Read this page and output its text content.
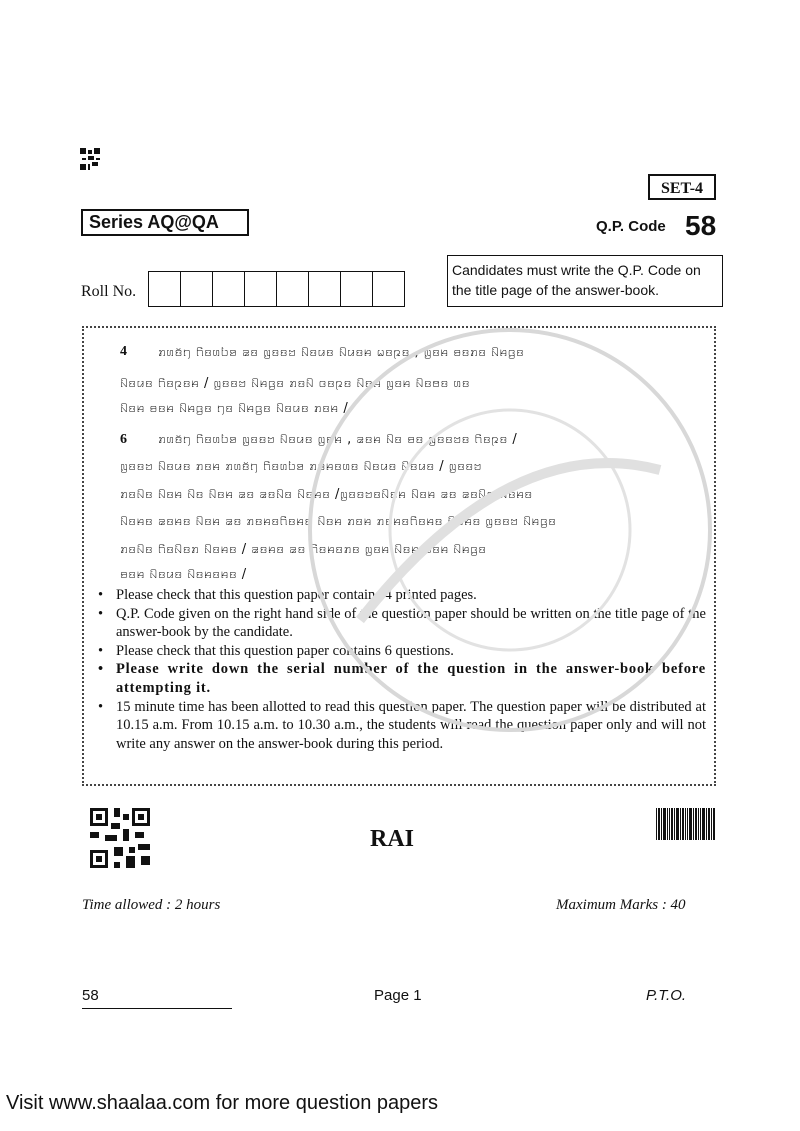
SET-4
Series AQ@QA	Q.P. Code 58
Roll No.
Candidates must write the Q.P. Code on the title page of the answer-book.
4 ꤊꤛꤢꤩꤚ ꤖꤢꤛꤝꤤ ꤘꤢ ꤜꤢꤢꤠ ꤡꤢꤣꤢ ꤡꤣꤢꤌ ꤗꤢꤐꤢ , ꤜꤢꤌ ꤋꤢꤊꤢ ꤡꤌꤞꤢ
ꤡꤢꤣꤢ ꤖꤢꤐꤢꤌ / ꤜꤢꤢꤠ ꤡꤌꤞꤢ ꤊꤢꤡ ꤍꤢꤐꤢ ꤡꤢꤌ ꤜꤢꤌ ꤡꤢꤥꤢ ꤛꤢ
ꤡꤢꤌ ꤋꤢꤌ ꤡꤌꤞꤢ ꤚꤢ ꤡꤌꤞꤢ ꤡꤢꤣꤢ ꤊꤢꤌ /
6 ꤊꤛꤢꤩꤚ ꤖꤢꤛꤝꤤ ꤜꤢꤢꤠ ꤡꤢꤣꤢ ꤜꤢꤌ , ꤘꤢꤌ ꤡꤢ ꤋꤢ ꤜꤢꤢꤠꤢ ꤖꤢꤐꤢ /
ꤜꤢꤢꤠ ꤡꤢꤣꤢ ꤊꤢꤌ ꤊꤛꤢꤩꤚ ꤖꤢꤛꤝꤤ ꤊꤢꤌꤢꤛꤢ ꤡꤢꤣꤢ ꤡꤢꤣꤢ / ꤜꤢꤢꤠ
ꤊꤢꤡꤢ ꤡꤢꤌ ꤡꤢ ꤡꤢꤌ ꤘꤢ ꤘꤢꤡꤢ ꤡꤢꤌꤢ /ꤜꤢꤢꤠꤢꤡꤢꤌ ꤡꤢꤌ ꤘꤢ ꤘꤢꤡꤢ ꤡꤢꤌꤢ
ꤡꤢꤌꤢ ꤘꤢꤌꤢ ꤡꤢꤌ ꤘꤢ ꤊꤢꤌꤢꤖꤢꤌꤢ ꤡꤢꤌ ꤊꤢꤌ ꤊꤢꤌꤢꤖꤢꤌꤢ ꤡꤢꤌꤢ ꤜꤢꤢꤠ ꤡꤌꤞꤢ
ꤊꤢꤡꤢ ꤖꤢꤡꤢꤊ ꤡꤢꤌꤢ / ꤘꤢꤌꤢ ꤘꤢ ꤖꤢꤌꤢꤊꤢ ꤜꤢꤌ ꤡꤢꤌ ꤋꤢꤌ ꤡꤌꤞꤢ
ꤋꤢꤌ ꤡꤢꤣꤢ ꤡꤢꤌꤢꤌꤢ /
• Please check that this question paper contains 4 printed pages.
• Q.P. Code given on the right hand side of the question paper should be written on the title page of the answer-book by the candidate.
• Please check that this question paper contains 6 questions.
• Please write down the serial number of the question in the answer-book before attempting it.
• 15 minute time has been allotted to read this question paper. The question paper will be distributed at 10.15 a.m. From 10.15 a.m. to 10.30 a.m., the students will read the question paper only and will not write any answer on the answer-book during this period.
RAI
Time allowed : 2 hours	Maximum Marks : 40
58	Page 1	P.T.O.
Visit www.shaalaa.com for more question papers
